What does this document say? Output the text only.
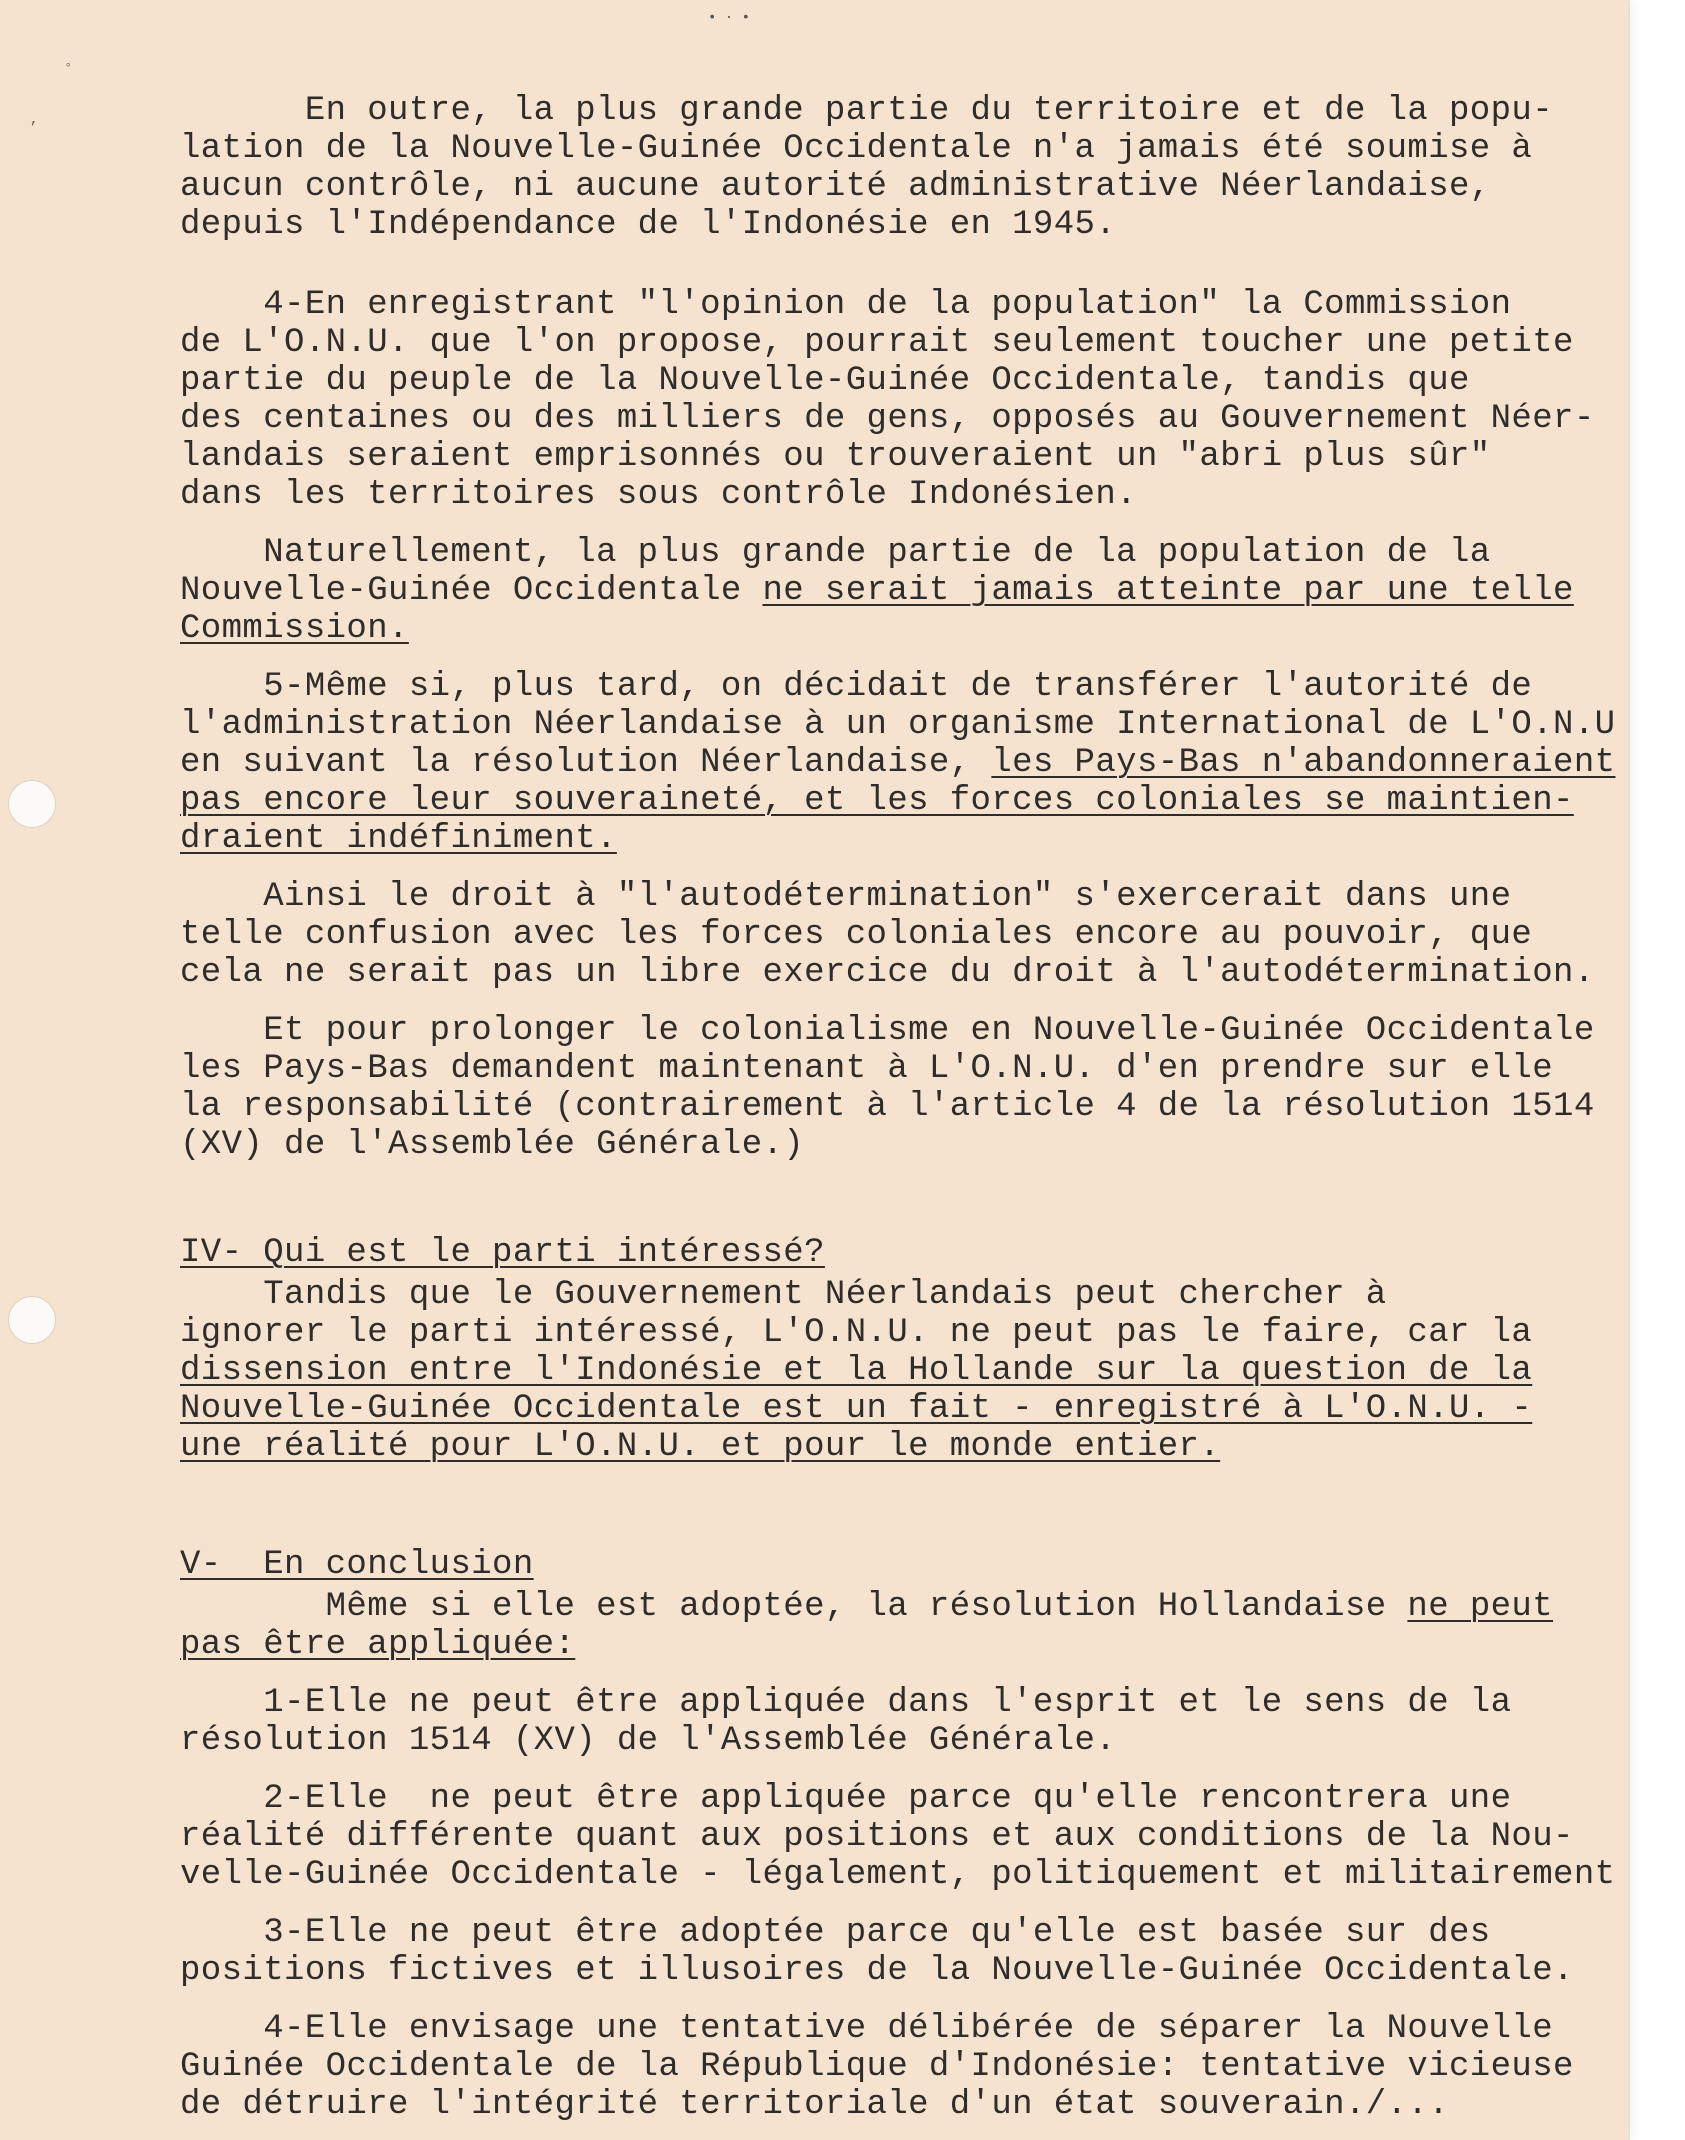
• · •
◦
,	En outre, la plus grande partie du territoire et de la popu-
lation de la Nouvelle-Guinée Occidentale n'a jamais été soumise à
aucun contrôle, ni aucune autorité administrative Néerlandaise,
depuis l'Indépendance de l'Indonésie en 1945.
4-En enregistrant "l'opinion de la population" la Commission
de L'O.N.U. que l'on propose, pourrait seulement toucher une petite
partie du peuple de la Nouvelle-Guinée Occidentale, tandis que
des centaines ou des milliers de gens, opposés au Gouvernement Néer-
landais seraient emprisonnés ou trouveraient un "abri plus sûr"
dans les territoires sous contrôle Indonésien.
Naturellement, la plus grande partie de la population de la
Nouvelle-Guinée Occidentale ne serait jamais atteinte par une telle
Commission.
5-Même si, plus tard, on décidait de transférer l'autorité de
l'administration Néerlandaise à un organisme International de L'O.N.U
en suivant la résolution Néerlandaise, les Pays-Bas n'abandonneraient
pas encore leur souveraineté, et les forces coloniales se maintien-
draient indéfiniment.
Ainsi le droit à "l'autodétermination" s'exercerait dans une
telle confusion avec les forces coloniales encore au pouvoir, que
cela ne serait pas un libre exercice du droit à l'autodétermination.
Et pour prolonger le colonialisme en Nouvelle-Guinée Occidentale
les Pays-Bas demandent maintenant à L'O.N.U. d'en prendre sur elle
la responsabilité (contrairement à l'article 4 de la résolution 1514
(XV) de l'Assemblée Générale.)
IV- Qui est le parti intéressé?
Tandis que le Gouvernement Néerlandais peut chercher à
ignorer le parti intéressé, L'O.N.U. ne peut pas le faire, car la
dissension entre l'Indonésie et la Hollande sur la question de la
Nouvelle-Guinée Occidentale est un fait - enregistré à L'O.N.U. -
une réalité pour L'O.N.U. et pour le monde entier.
V-  En conclusion
Même si elle est adoptée, la résolution Hollandaise ne peut
pas être appliquée:
1-Elle ne peut être appliquée dans l'esprit et le sens de la
résolution 1514 (XV) de l'Assemblée Générale.
2-Elle  ne peut être appliquée parce qu'elle rencontrera une
réalité différente quant aux positions et aux conditions de la Nou-
velle-Guinée Occidentale - légalement, politiquement et militairement
3-Elle ne peut être adoptée parce qu'elle est basée sur des
positions fictives et illusoires de la Nouvelle-Guinée Occidentale.
4-Elle envisage une tentative délibérée de séparer la Nouvelle
Guinée Occidentale de la République d'Indonésie: tentative vicieuse
de détruire l'intégrité territoriale d'un état souverain./...
